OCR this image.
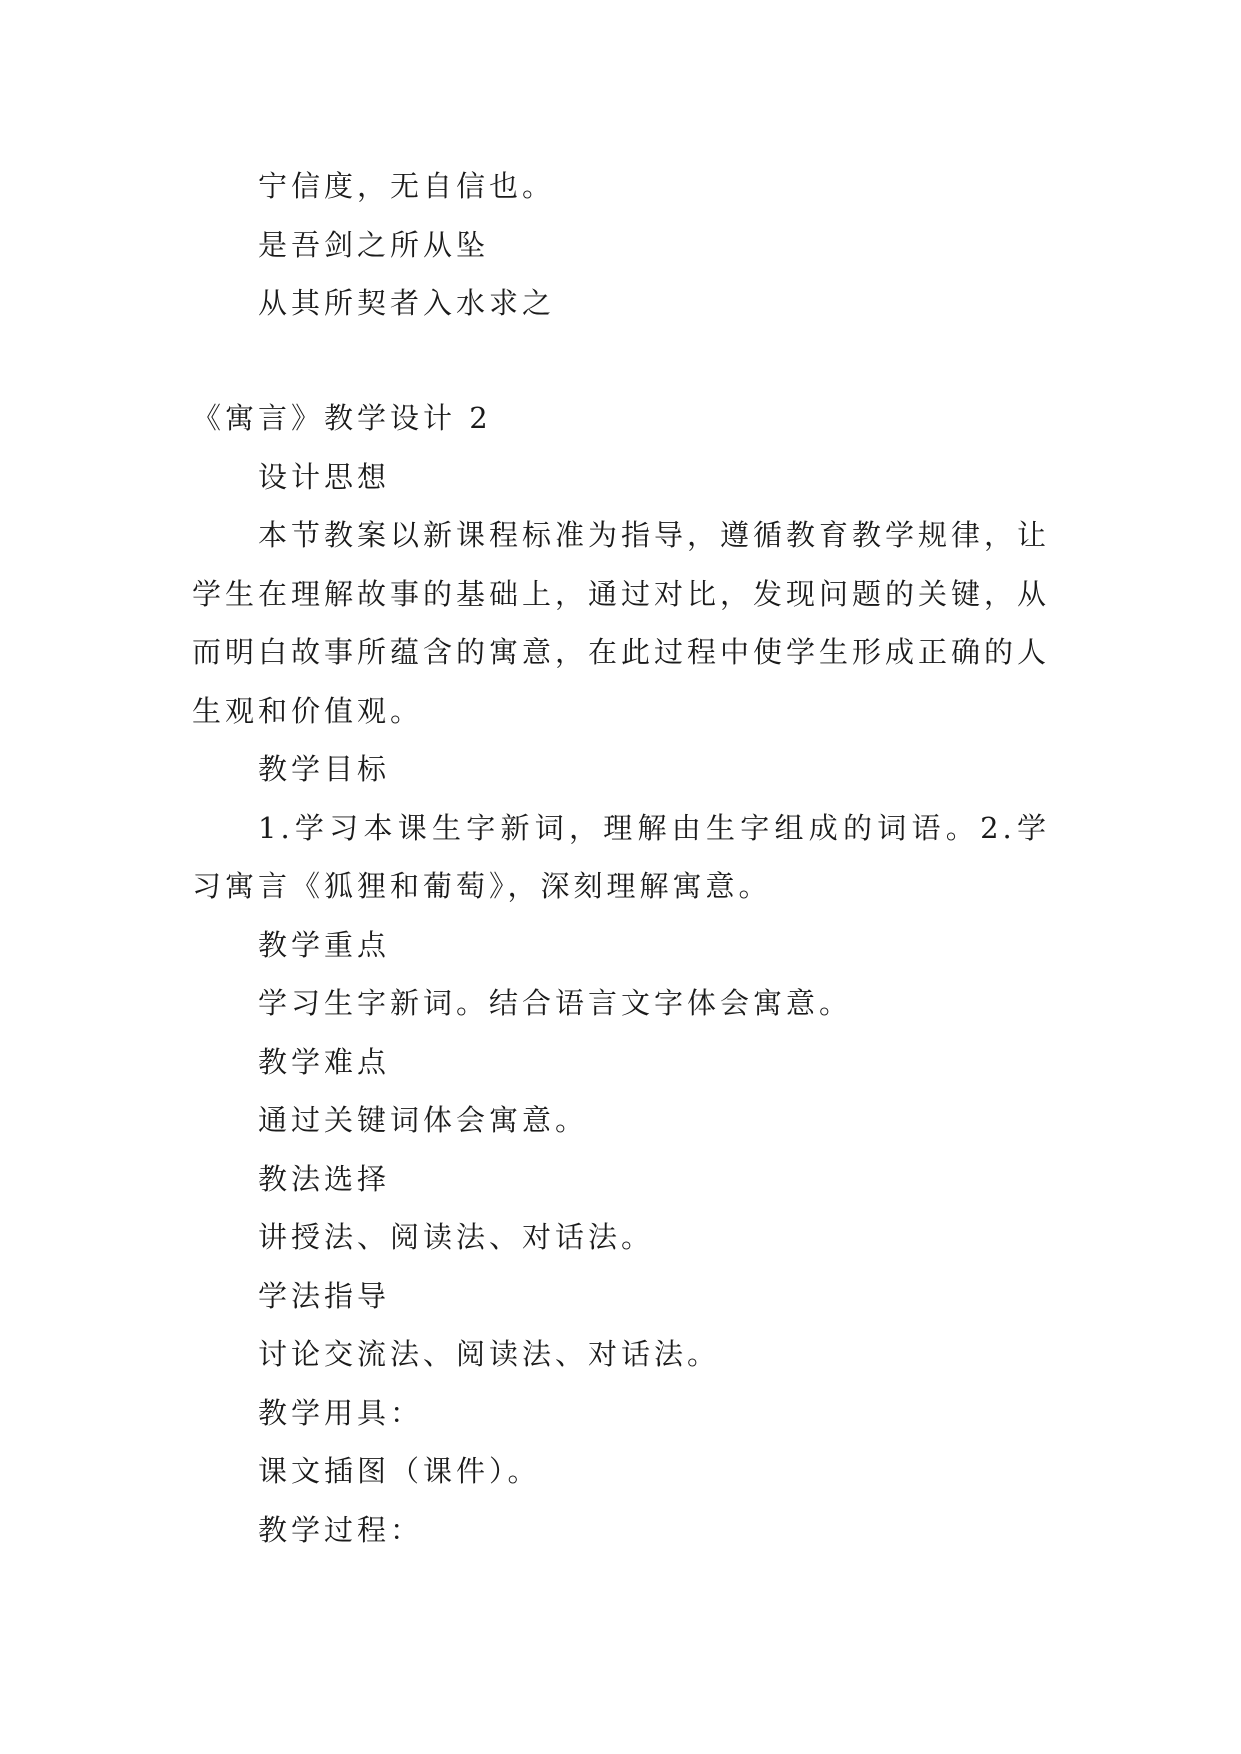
宁信度，无自信也。
是吾剑之所从坠
从其所契者入水求之
《寓言》教学设计 2
设计思想
本节教案以新课程标准为指导，遵循教育教学规律，让学生在理解故事的基础上，通过对比，发现问题的关键，从而明白故事所蕴含的寓意，在此过程中使学生形成正确的人生观和价值观。
教学目标
1.学习本课生字新词，理解由生字组成的词语。2.学习寓言《狐狸和葡萄》，深刻理解寓意。
教学重点
学习生字新词。结合语言文字体会寓意。
教学难点
通过关键词体会寓意。
教法选择
讲授法、阅读法、对话法。
学法指导
讨论交流法、阅读法、对话法。
教学用具：
课文插图（课件）。
教学过程：
